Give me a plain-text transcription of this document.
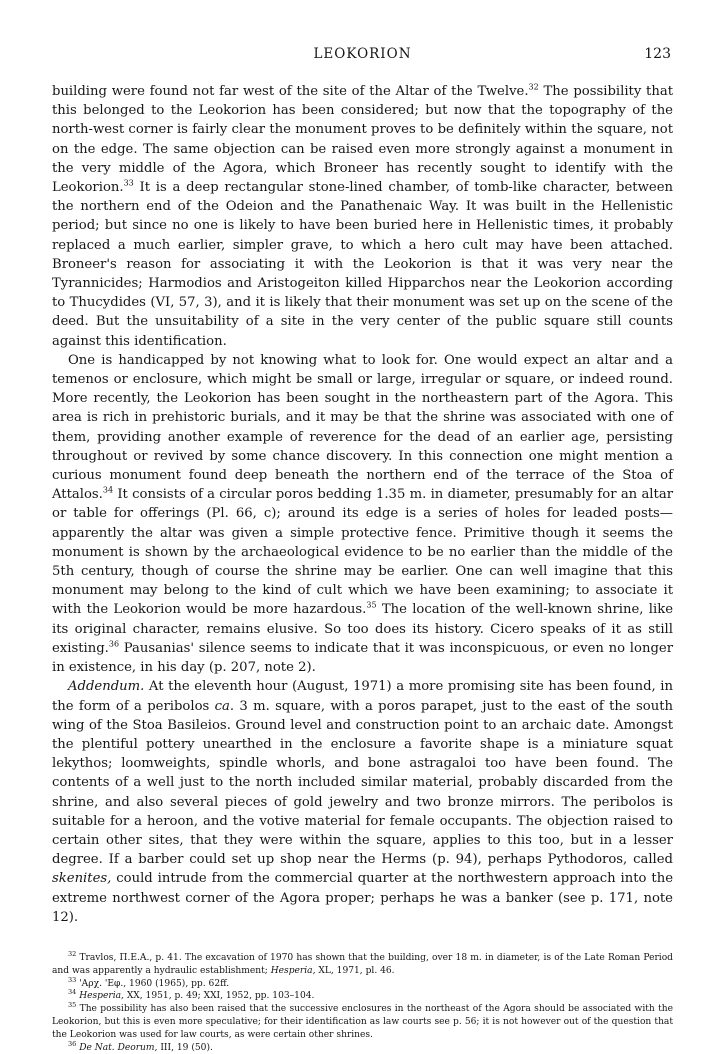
LEOKORION	123

building were found not far west of the site of the Altar of the Twelve.$^{32}$ The possibility that this belonged to the Leokorion has been considered; but now that the topography of the north-west corner is fairly clear the monument proves to be definitely within the square, not on the edge. The same objection can be raised even more strongly against a monument in the very middle of the Agora, which Broneer has recently sought to identify with the Leokorion.$^{33}$ It is a deep rectangular stone-lined chamber, of tomb-like character, between the northern end of the Odeion and the Panathenaic Way. It was built in the Hellenistic period; but since no one is likely to have been buried here in Hellenistic times, it probably replaced a much earlier, simpler grave, to which a hero cult may have been attached. Broneer's reason for associating it with the Leokorion is that it was very near the Tyrannicides; Harmodios and Aristogeiton killed Hipparchos near the Leokorion according to Thucydides (VI, 57, 3), and it is likely that their monument was set up on the scene of the deed. But the unsuitability of a site in the very center of the public square still counts against this identification.

One is handicapped by not knowing what to look for. One would expect an altar and a temenos or enclosure, which might be small or large, irregular or square, or indeed round. More recently, the Leokorion has been sought in the northeastern part of the Agora. This area is rich in prehistoric burials, and it may be that the shrine was associated with one of them, providing another example of reverence for the dead of an earlier age, persisting throughout or revived by some chance discovery. In this connection one might mention a curious monument found deep beneath the northern end of the terrace of the Stoa of Attalos.$^{34}$ It consists of a circular poros bedding 1.35 m. in diameter, presumably for an altar or table for offerings (Pl. 66, c); around its edge is a series of holes for leaded posts—apparently the altar was given a simple protective fence. Primitive though it seems the monument is shown by the archaeological evidence to be no earlier than the middle of the 5th century, though of course the shrine may be earlier. One can well imagine that this monument may belong to the kind of cult which we have been examining; to associate it with the Leokorion would be more hazardous.$^{35}$ The location of the well-known shrine, like its original character, remains elusive. So too does its history. Cicero speaks of it as still existing.$^{36}$ Pausanias' silence seems to indicate that it was inconspicuous, or even no longer in existence, in his day (p. 207, note 2).

Addendum. At the eleventh hour (August, 1971) a more promising site has been found, in the form of a peribolos ca. 3 m. square, with a poros parapet, just to the east of the south wing of the Stoa Basileios. Ground level and construction point to an archaic date. Amongst the plentiful pottery unearthed in the enclosure a favorite shape is a miniature squat lekythos; loomweights, spindle whorls, and bone astragaloi too have been found. The contents of a well just to the north included similar material, probably discarded from the shrine, and also several pieces of gold jewelry and two bronze mirrors. The peribolos is suitable for a heroon, and the votive material for female occupants. The objection raised to certain other sites, that they were within the square, applies to this too, but in a lesser degree. If a barber could set up shop near the Herms (p. 94), perhaps Pythodoros, called skenites, could intrude from the commercial quarter at the northwestern approach into the extreme northwest corner of the Agora proper; perhaps he was a banker (see p. 171, note 12).

$^{32}$ Travlos, Π.Ε.Α., p. 41. The excavation of 1970 has shown that the building, over 18 m. in diameter, is of the Late Roman Period and was apparently a hydraulic establishment; Hesperia, XL, 1971, pl. 46.

$^{33}$ 'Αρχ. 'Εφ., 1960 (1965), pp. 62ff.

$^{34}$ Hesperia, XX, 1951, p. 49; XXI, 1952, pp. 103–104.

$^{35}$ The possibility has also been raised that the successive enclosures in the northeast of the Agora should be associated with the Leokorion, but this is even more speculative; for their identification as law courts see p. 56; it is not however out of the question that the Leokorion was used for law courts, as were certain other shrines.

$^{36}$ De Nat. Deorum, III, 19 (50).
